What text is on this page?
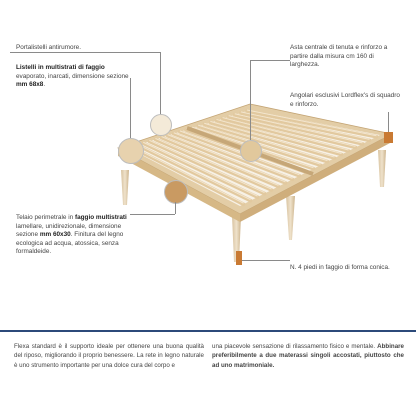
Portalistelli antirumore.
Listelli in multistrati di faggio evaporato, inarcati, dimensione sezione mm 68x8.
Asta centrale di tenuta e rinforzo a partire dalla misura cm 160 di larghezza.
Angolari esclusivi Lordflex's di squadro e rinforzo.
Telaio perimetrale in faggio multistrati lamellare, unidirezionale, dimensione sezione mm 60x30. Finitura del legno ecologica ad acqua, atossica, senza formaldeide.
N. 4 piedi in faggio di forma conica.
Flexa standard è il supporto ideale per ottenere una buona qualità del riposo, migliorando il proprio benessere. La rete in legno naturale è uno strumento importante per una dolce cura del corpo e
una piacevole sensazione di rilassamento fisico e mentale. Abbinare preferibilmente a due materassi singoli accostati, piuttosto che ad uno matrimoniale.
